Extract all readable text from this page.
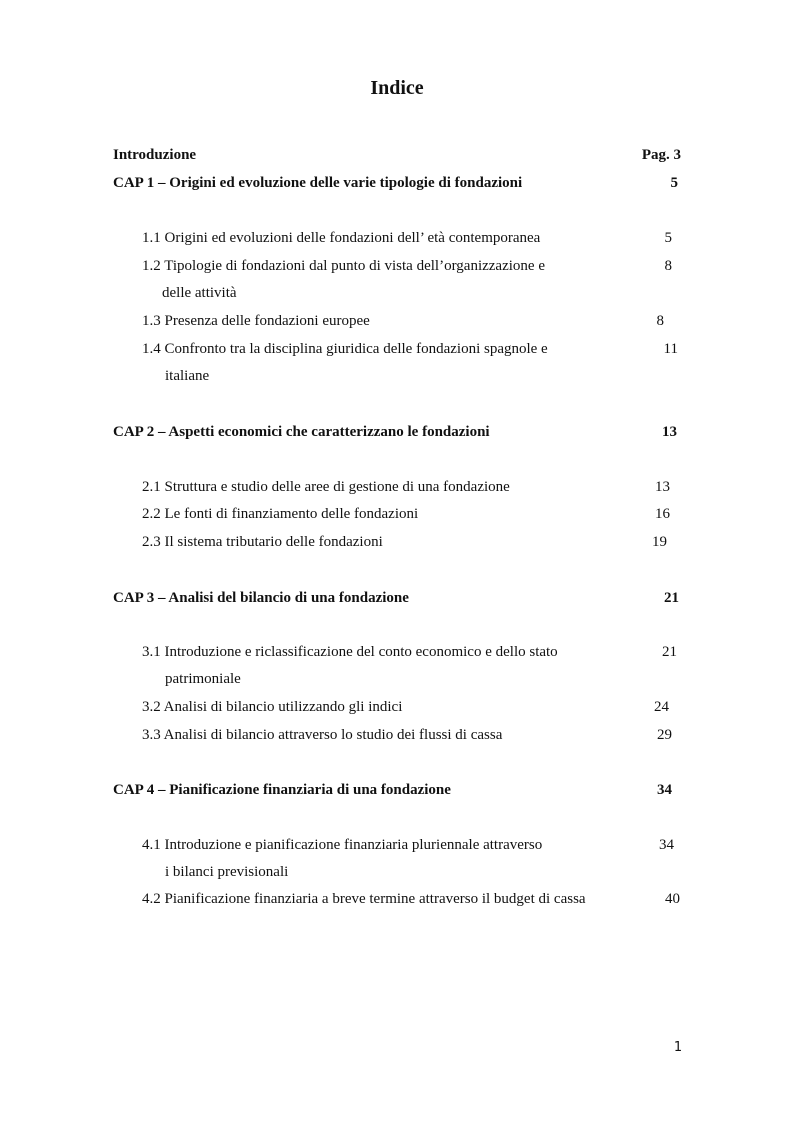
Indice
Introduzione	Pag. 3
CAP 1 – Origini ed evoluzione delle varie tipologie di fondazioni	5
1.1 Origini ed evoluzioni delle fondazioni dell’ età contemporanea	5
1.2 Tipologie di fondazioni dal punto di vista dell’organizzazione e	8
delle attività
1.3 Presenza delle fondazioni europee	8
1.4 Confronto tra la disciplina giuridica delle fondazioni spagnole e	11
italiane
CAP 2 – Aspetti economici che caratterizzano le fondazioni	13
2.1 Struttura e studio delle aree di gestione di una fondazione	13
2.2 Le fonti di finanziamento delle fondazioni	16
2.3 Il sistema tributario delle fondazioni	19
CAP 3 – Analisi del bilancio di una fondazione	21
3.1 Introduzione e riclassificazione del conto economico e dello stato	21
patrimoniale
3.2 Analisi di bilancio utilizzando gli indici	24
3.3 Analisi di bilancio attraverso lo studio dei flussi di cassa	29
CAP 4 – Pianificazione finanziaria di una fondazione	34
4.1 Introduzione e pianificazione finanziaria pluriennale attraverso	34
i bilanci previsionali
4.2 Pianificazione finanziaria a breve termine attraverso il budget di cassa	40
1
